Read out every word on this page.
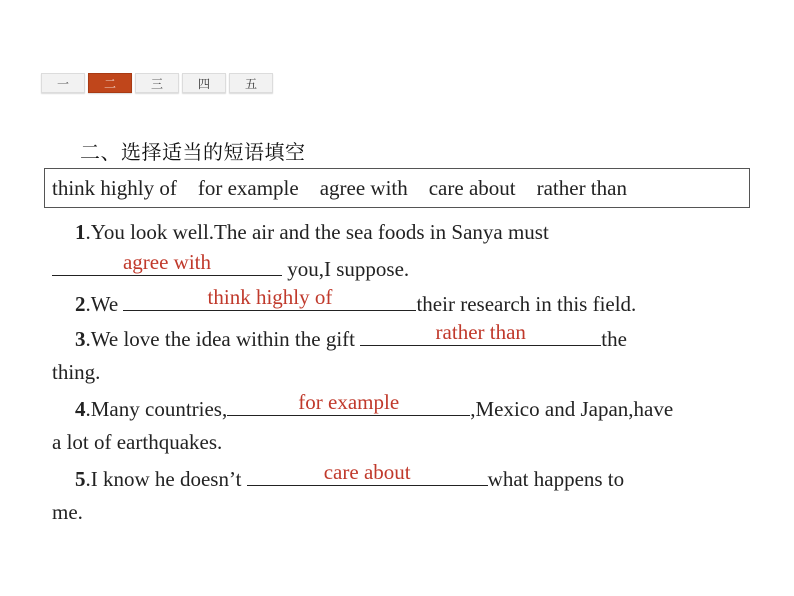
一	二	三	四	五
二、选择适当的短语填空
think highly of    for example    agree with    care about    rather than
1.You look well.The air and the sea foods in Sanya must
agree with	you,I suppose.
2.We	think highly of	their research in this field.
3.We love the idea within the gift	rather than	the
thing.
4.Many countries,	for example	,Mexico and Japan,have
a lot of earthquakes.
5.I know he doesn’t	care about	what happens to
me.
